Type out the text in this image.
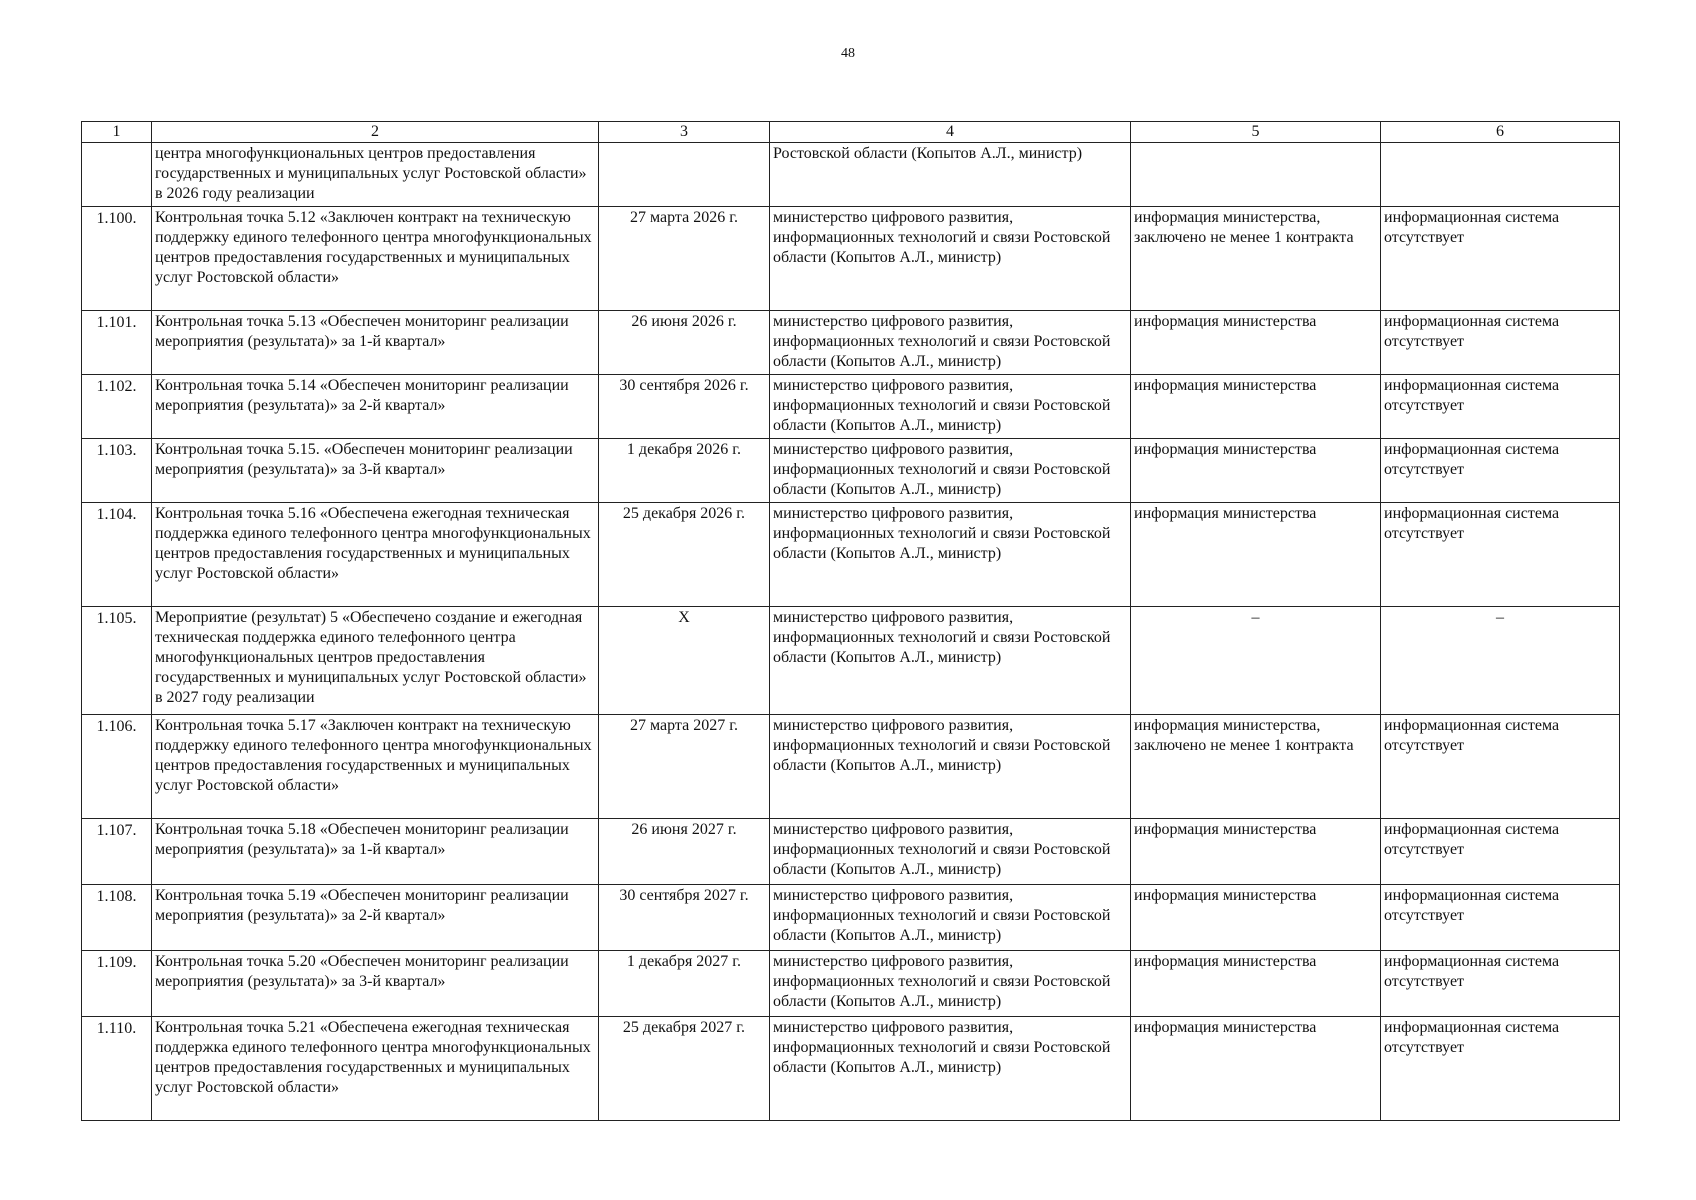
48
1	2	3	4	5	6
	центра многофункциональных центров предоставления государственных и муниципальных услуг Ростовской области» в 2026 году реализации		Ростовской области (Копытов А.Л., министр)		
1.100.	Контрольная точка 5.12 «Заключен контракт на техническую поддержку единого телефонного центра многофункциональных центров предоставления государственных и муниципальных услуг Ростовской области»	27 марта 2026 г.	министерство цифрового развития, информационных технологий и связи Ростовской области (Копытов А.Л., министр)	информация министерства, заключено не менее 1 контракта	информационная система отсутствует
1.101.	Контрольная точка 5.13 «Обеспечен мониторинг реализации мероприятия (результата)» за 1-й квартал»	26 июня 2026 г.	министерство цифрового развития, информационных технологий и связи Ростовской области (Копытов А.Л., министр)	информация министерства	информационная система отсутствует
1.102.	Контрольная точка 5.14 «Обеспечен мониторинг реализации мероприятия (результата)» за 2-й квартал»	30 сентября 2026 г.	министерство цифрового развития, информационных технологий и связи Ростовской области (Копытов А.Л., министр)	информация министерства	информационная система отсутствует
1.103.	Контрольная точка 5.15. «Обеспечен мониторинг реализации мероприятия (результата)» за 3-й квартал»	1 декабря 2026 г.	министерство цифрового развития, информационных технологий и связи Ростовской области (Копытов А.Л., министр)	информация министерства	информационная система отсутствует
1.104.	Контрольная точка 5.16 «Обеспечена ежегодная техническая поддержка единого телефонного центра многофункциональных центров предоставления государственных и муниципальных услуг Ростовской области»	25 декабря 2026 г.	министерство цифрового развития, информационных технологий и связи Ростовской области (Копытов А.Л., министр)	информация министерства	информационная система отсутствует
1.105.	Мероприятие (результат) 5 «Обеспечено создание и ежегодная техническая поддержка единого телефонного центра многофункциональных центров предоставления государственных и муниципальных услуг Ростовской области» в 2027 году реализации	Х	министерство цифрового развития, информационных технологий и связи Ростовской области (Копытов А.Л., министр)	–	–
1.106.	Контрольная точка 5.17 «Заключен контракт на техническую поддержку единого телефонного центра многофункциональных центров предоставления государственных и муниципальных услуг Ростовской области»	27 марта 2027 г.	министерство цифрового развития, информационных технологий и связи Ростовской области (Копытов А.Л., министр)	информация министерства, заключено не менее 1 контракта	информационная система отсутствует
1.107.	Контрольная точка 5.18 «Обеспечен мониторинг реализации мероприятия (результата)» за 1-й квартал»	26 июня 2027 г.	министерство цифрового развития, информационных технологий и связи Ростовской области (Копытов А.Л., министр)	информация министерства	информационная система отсутствует
1.108.	Контрольная точка 5.19 «Обеспечен мониторинг реализации мероприятия (результата)» за 2-й квартал»	30 сентября 2027 г.	министерство цифрового развития, информационных технологий и связи Ростовской области (Копытов А.Л., министр)	информация министерства	информационная система отсутствует
1.109.	Контрольная точка 5.20 «Обеспечен мониторинг реализации мероприятия (результата)» за 3-й квартал»	1 декабря 2027 г.	министерство цифрового развития, информационных технологий и связи Ростовской области (Копытов А.Л., министр)	информация министерства	информационная система отсутствует
1.110.	Контрольная точка 5.21 «Обеспечена ежегодная техническая поддержка единого телефонного центра многофункциональных центров предоставления государственных и муниципальных услуг Ростовской области»	25 декабря 2027 г.	министерство цифрового развития, информационных технологий и связи Ростовской области (Копытов А.Л., министр)	информация министерства	информационная система отсутствует
